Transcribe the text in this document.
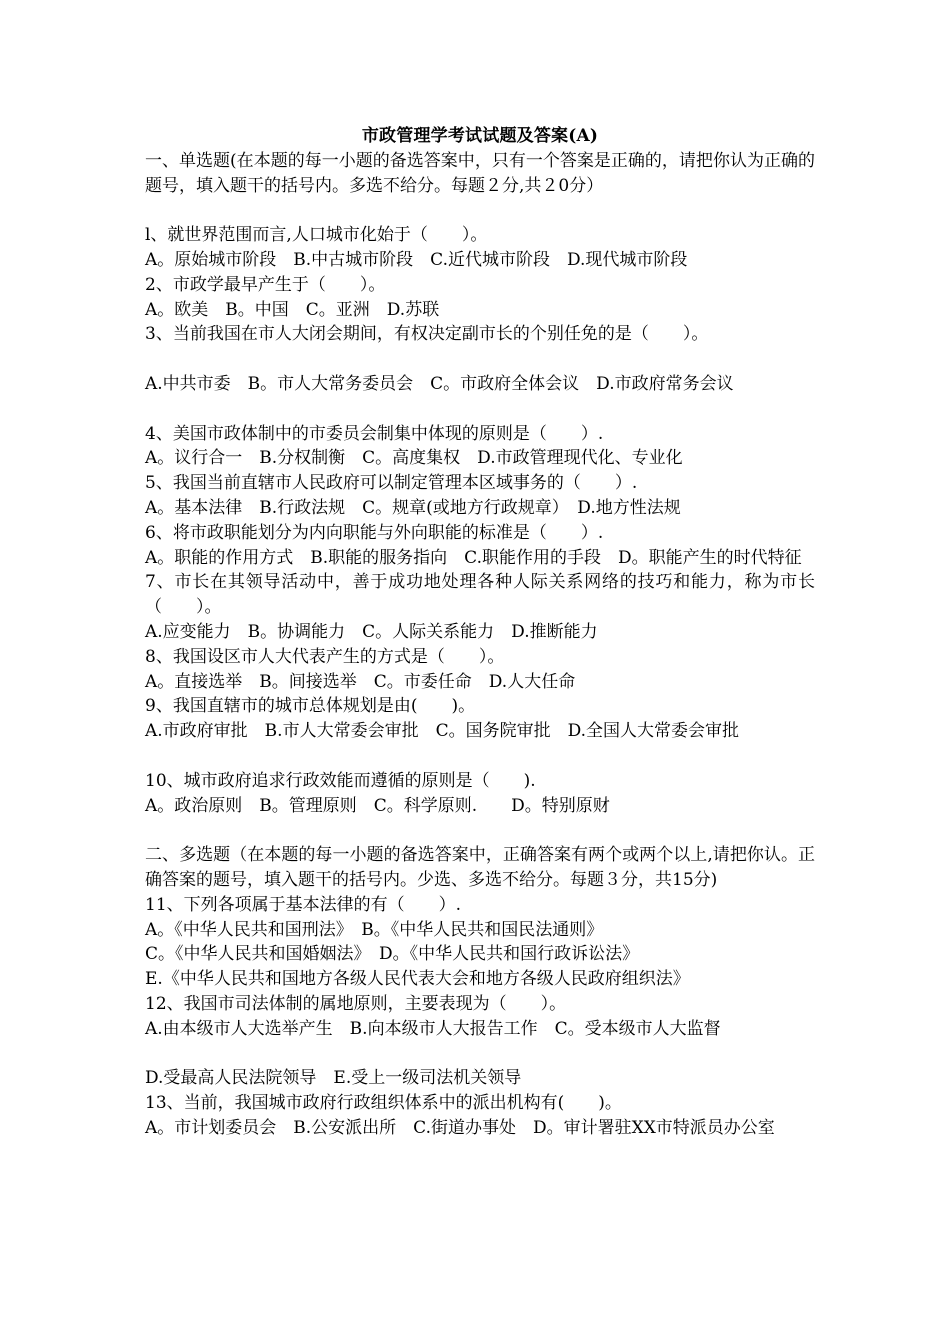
市政管理学考试试题及答案(A)
一、单选题(在本题的每一小题的备选答案中，只有一个答案是正确的，请把你认为正确的题号，填入题干的括号内。多选不给分。每题２分,共２0分）
l、就世界范围而言,人口城市化始于（　　）。
A。原始城市阶段　B.中古城市阶段　C.近代城市阶段　D.现代城市阶段
2、市政学最早产生于（　　）。
A。欧美　B。中国　C。亚洲　D.苏联
3、当前我国在市人大闭会期间，有权决定副市长的个别任免的是（　　）。
A.中共市委　B。市人大常务委员会　C。市政府全体会议　D.市政府常务会议
4、美国市政体制中的市委员会制集中体现的原则是（　　）.
A。议行合一　B.分权制衡　C。高度集权　D.市政管理现代化、专业化
5、我国当前直辖市人民政府可以制定管理本区域事务的（　　）.
A。基本法律　B.行政法规　C。规章(或地方行政规章）　D.地方性法规
6、将市政职能划分为内向职能与外向职能的标准是（　　）.
A。职能的作用方式　B.职能的服务指向　C.职能作用的手段　D。职能产生的时代特征
7、市长在其领导活动中，善于成功地处理各种人际关系网络的技巧和能力，称为市长（　　）。
A.应变能力　B。协调能力　C。人际关系能力　D.推断能力
8、我国设区市人大代表产生的方式是（　　）。
A。直接选举　B。间接选举　C。市委任命　D.人大任命
9、我国直辖市的城市总体规划是由(　　)。
A.市政府审批　B.市人大常委会审批　C。国务院审批　D.全国人大常委会审批
10、城市政府追求行政效能而遵循的原则是（　　).
A。政治原则　B。管理原则　C。科学原则.　　D。特别原财
二、多选题（在本题的每一小题的备选答案中，正确答案有两个或两个以上,请把你认。正确答案的题号，填入题干的括号内。少选、多选不给分。每题３分，共15分)
11、下列各项属于基本法律的有（　　）.
A。《中华人民共和国刑法》　B。《中华人民共和国民法通则》
C。《中华人民共和国婚姻法》　D。《中华人民共和国行政诉讼法》
E.《中华人民共和国地方各级人民代表大会和地方各级人民政府组织法》
12、我国市司法体制的属地原则，主要表现为（　　）。
A.由本级市人大选举产生　B.向本级市人大报告工作　C。受本级市人大监督
D.受最高人民法院领导　E.受上一级司法机关领导
13、当前，我国城市政府行政组织体系中的派出机构有(　　)。
A。市计划委员会　B.公安派出所　C.街道办事处　D。审计署驻XX市特派员办公室
